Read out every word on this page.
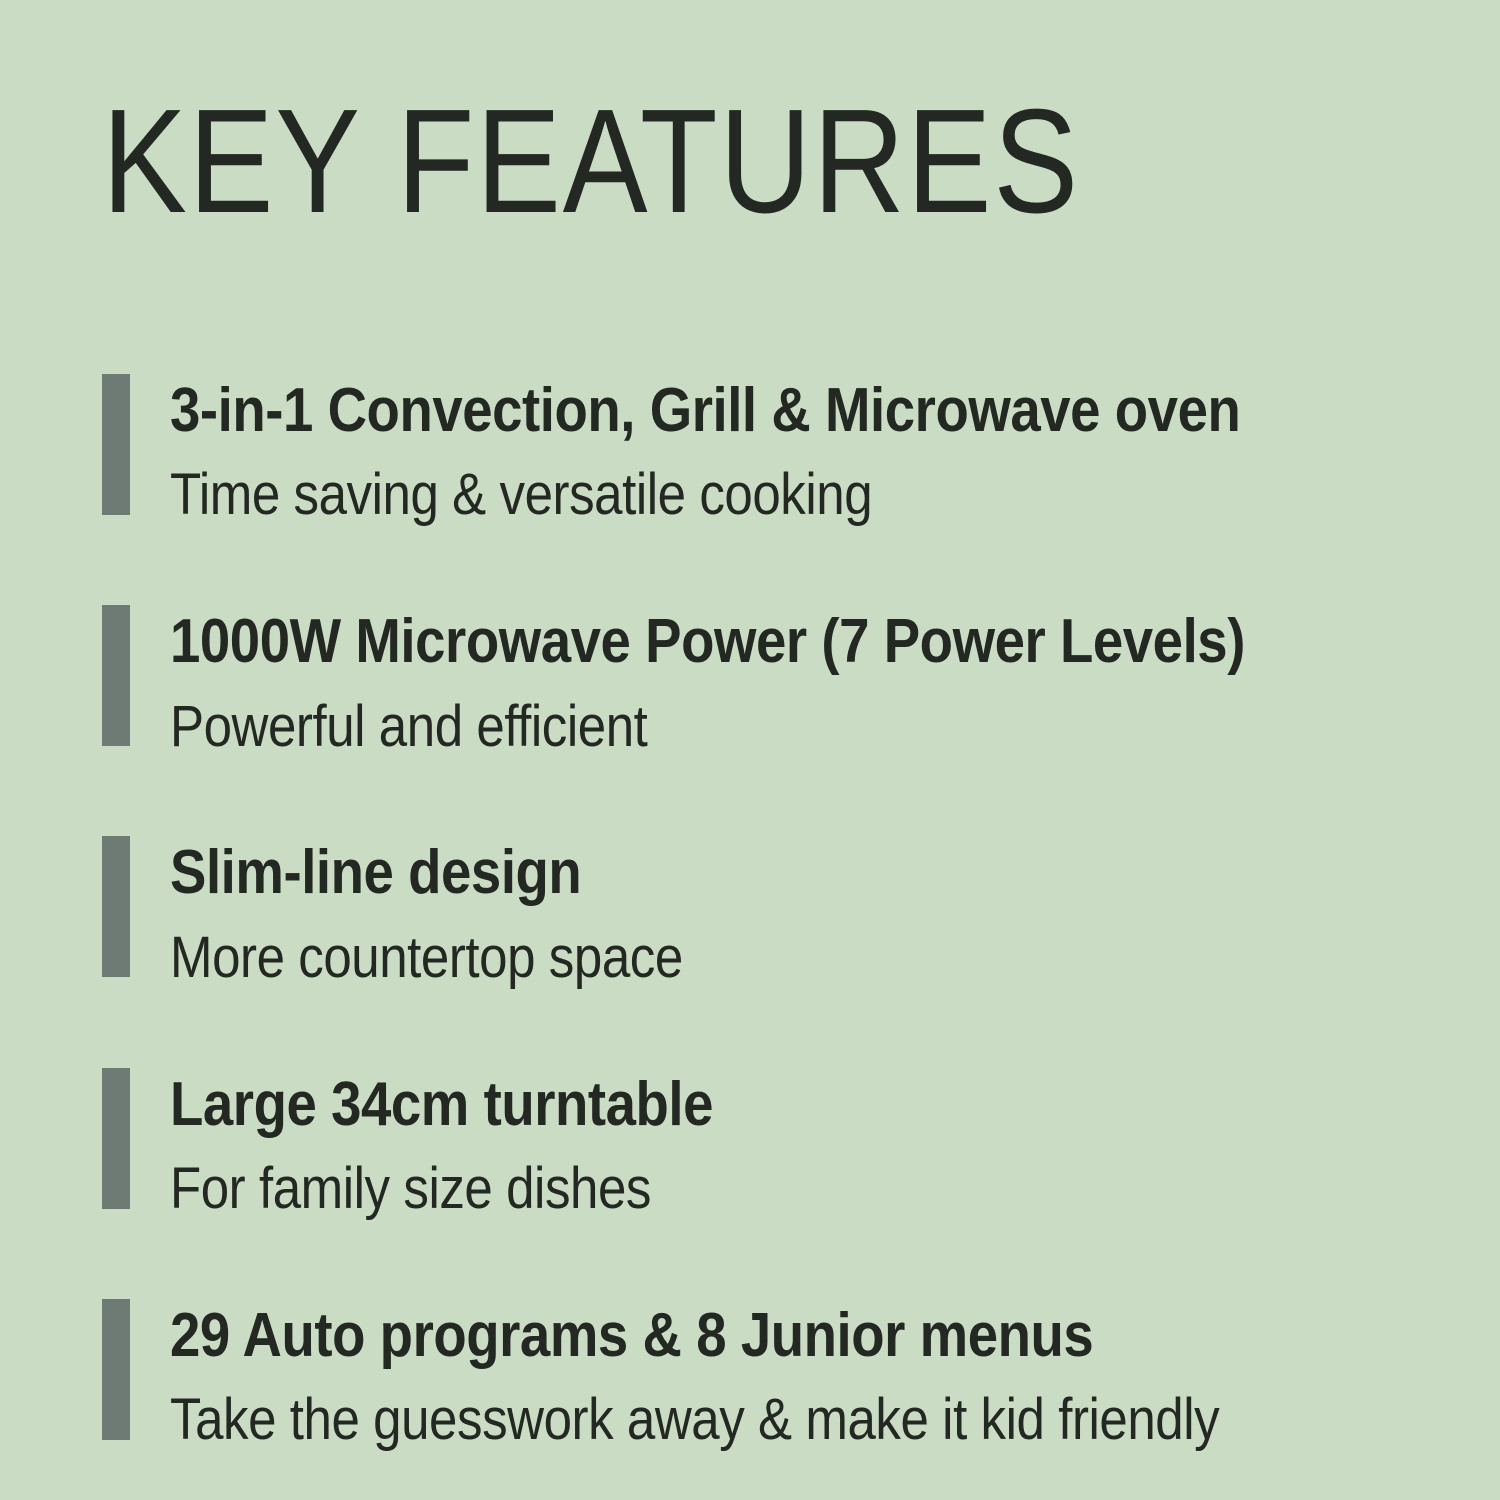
KEY FEATURES
3-in-1 Convection, Grill & Microwave oven
Time saving & versatile cooking
1000W Microwave Power (7 Power Levels)
Powerful and efficient
Slim-line design
More countertop space
Large 34cm turntable
For family size dishes
29 Auto programs & 8 Junior menus
Take the guesswork away & make it kid friendly
